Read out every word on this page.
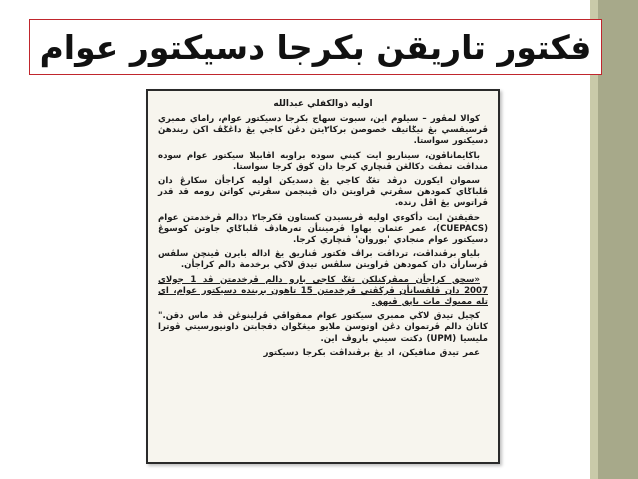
فكتور تاريقن بكرجا دسيكتور عوام
اوليه ذوالكفلي عبدالله

كوالا لمڤور – سيلوم اين، سبوت سهاج بكرجا دسيكتور عوام، راماي ممبري ڤرسيقسي بڠ نيݢاتيف خصوصن بركا٢يتن دڠن كاجي يڠ داڠݢڤ اکن ريندهڽ دسيكتور سواستا.

باڬايماناڤون، سيناريو ايت كيني سوده براوبه اڤابيلا سيكتور عوام سوده منداڤت تمڤت دكالڠن ڤنچاري كرجا دان ڬوق كرجا سواستا.

سموان ايكورن درڤد تڠݢ كاجي يڠ دسديكن اوليه كراجأن سکارڠ دان ڤلباݢاي كمودهن سڤرتي ڤراويتن دان ڤينجمن سڤرتي كواتن رومه قد قدر ڤراتوس يڠ اڤل رندە.

حقيقتڽ ايت دأكوءي اوليه ڤريسيدن كستاون ڤكرجا٢ ددالم ڤرخدمتن عوام (CUEPACS)، عمر عثمان بهاوا ڤرمينتأن تەرهادڤ ڤلباݢاي جاوتن كوسوڠ دسيكتور عوام منجادي 'بوروان' ڤنچاري كرجا.

بلياو برڤنداڤت، ترداڤت براڤ فكتور ڤناريق يڠ اداله بايرن ڤينچن سلڤس ڤرسارأن دان كمودهن ڤراويتن سلڤس تيدق لاڬي برخدمة دالم كراجأن.

«سچق كراجأن ممڤركنلكن تڠݢ كاجي بارو دالم ڤرخدمتن ڤد 1 جولاي 2007 دان ڤلقسانأن ڤرڬڤتي ڤرخدمتن 15 تاهون بربنده دسيكتور عوام، اي تله ممبوك مات باڽق ڤيهق.

كچيل تيدق لاڬي ممبري سيكتور عوام ممقواڤي ڤرلينوڠن ڤد ماس دقن." كاتاڽ دالم ڤرتموان دڠن اوتوسن ملايو ميڠݢوان دقجابتن داونيورسيتي ڤوترا مليسيا (UPM) دكتت سيني باروڤ اين.

عمر تيدق منافيكن، اد يڠ برڤنداڤت بكرجا دسيكتور
